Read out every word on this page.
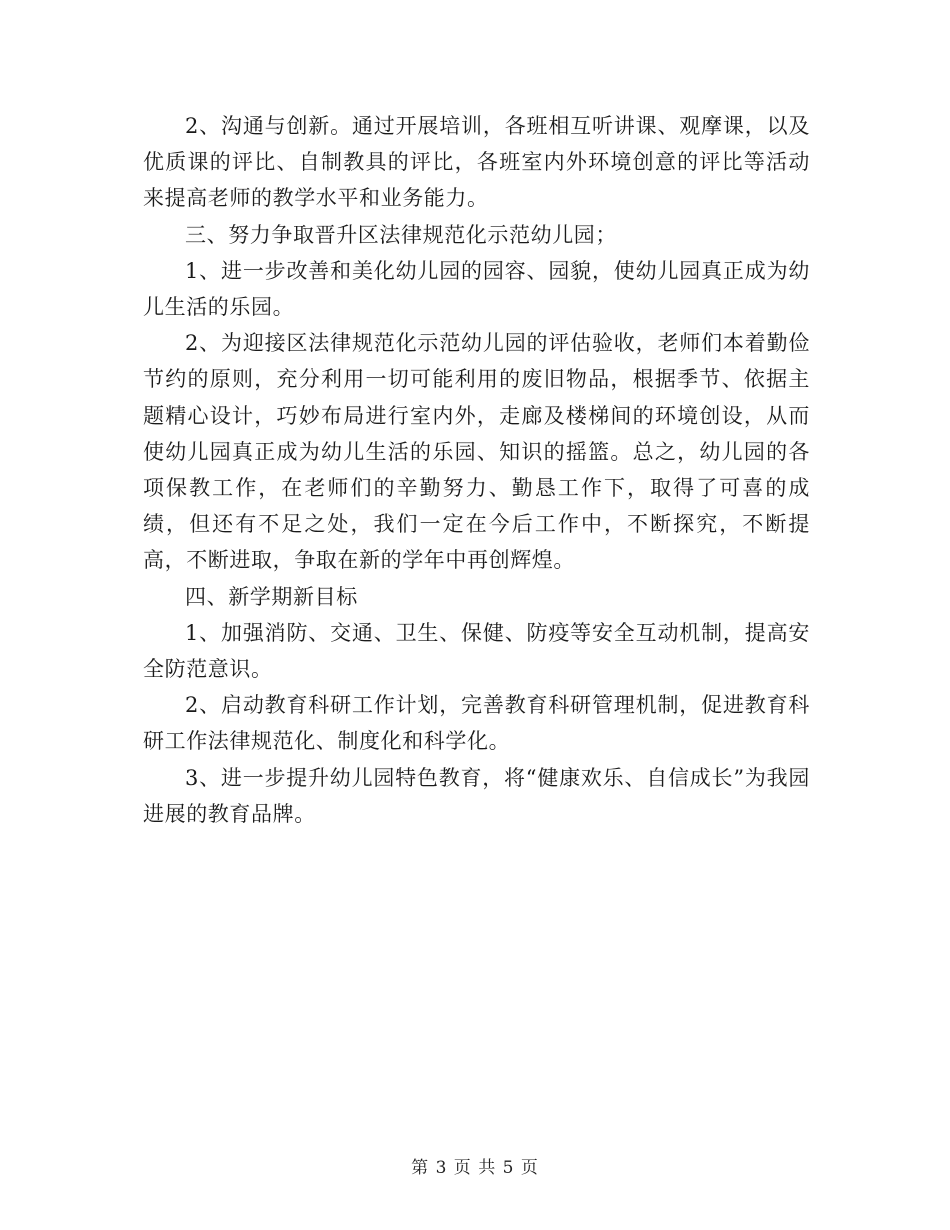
2、沟通与创新。通过开展培训，各班相互听讲课、观摩课，以及优质课的评比、自制教具的评比，各班室内外环境创意的评比等活动来提高老师的教学水平和业务能力。

三、努力争取晋升区法律规范化示范幼儿园；

1、进一步改善和美化幼儿园的园容、园貌，使幼儿园真正成为幼儿生活的乐园。

2、为迎接区法律规范化示范幼儿园的评估验收，老师们本着勤俭节约的原则，充分利用一切可能利用的废旧物品，根据季节、依据主题精心设计，巧妙布局进行室内外，走廊及楼梯间的环境创设，从而使幼儿园真正成为幼儿生活的乐园、知识的摇篮。总之，幼儿园的各项保教工作，在老师们的辛勤努力、勤恳工作下，取得了可喜的成绩，但还有不足之处，我们一定在今后工作中，不断探究，不断提高，不断进取，争取在新的学年中再创辉煌。

四、新学期新目标

1、加强消防、交通、卫生、保健、防疫等安全互动机制，提高安全防范意识。

2、启动教育科研工作计划，完善教育科研管理机制，促进教育科研工作法律规范化、制度化和科学化。

3、进一步提升幼儿园特色教育，将“健康欢乐、自信成长”为我园进展的教育品牌。

第 3 页 共 5 页
